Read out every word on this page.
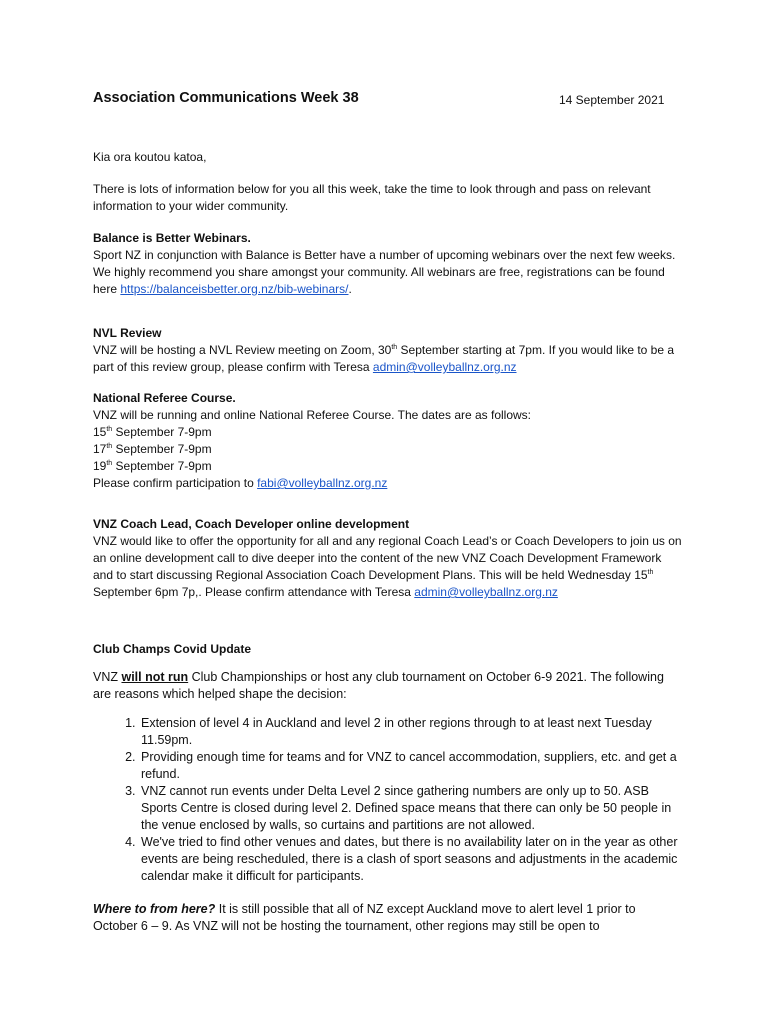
Association Communications Week 38	14 September 2021
Kia ora koutou katoa,
There is lots of information below for you all this week, take the time to look through and pass on relevant information to your wider community.
Balance is Better Webinars.
Sport NZ in conjunction with Balance is Better have a number of upcoming webinars over the next few weeks. We highly recommend you share amongst your community. All webinars are free, registrations can be found here https://balanceisbetter.org.nz/bib-webinars/.
NVL Review
VNZ will be hosting a NVL Review meeting on Zoom, 30th September starting at 7pm. If you would like to be a part of this review group, please confirm with Teresa admin@volleyballnz.org.nz
National Referee Course.
VNZ will be running and online National Referee Course. The dates are as follows:
15th September 7-9pm
17th September 7-9pm
19th September 7-9pm
Please confirm participation to fabi@volleyballnz.org.nz
VNZ Coach Lead, Coach Developer online development
VNZ would like to offer the opportunity for all and any regional Coach Lead’s or Coach Developers to join us on an online development call to dive deeper into the content of the new VNZ Coach Development Framework and to start discussing Regional Association Coach Development Plans. This will be held Wednesday 15th September 6pm 7p,. Please confirm attendance with Teresa admin@volleyballnz.org.nz
Club Champs Covid Update
VNZ will not run Club Championships or host any club tournament on October 6-9 2021. The following are reasons which helped shape the decision:
1. Extension of level 4 in Auckland and level 2 in other regions through to at least next Tuesday 11.59pm.
2. Providing enough time for teams and for VNZ to cancel accommodation, suppliers, etc. and get a refund.
3. VNZ cannot run events under Delta Level 2 since gathering numbers are only up to 50. ASB Sports Centre is closed during level 2. Defined space means that there can only be 50 people in the venue enclosed by walls, so curtains and partitions are not allowed.
4. We've tried to find other venues and dates, but there is no availability later on in the year as other events are being rescheduled, there is a clash of sport seasons and adjustments in the academic calendar make it difficult for participants.
Where to from here? It is still possible that all of NZ except Auckland move to alert level 1 prior to October 6 – 9. As VNZ will not be hosting the tournament, other regions may still be open to
